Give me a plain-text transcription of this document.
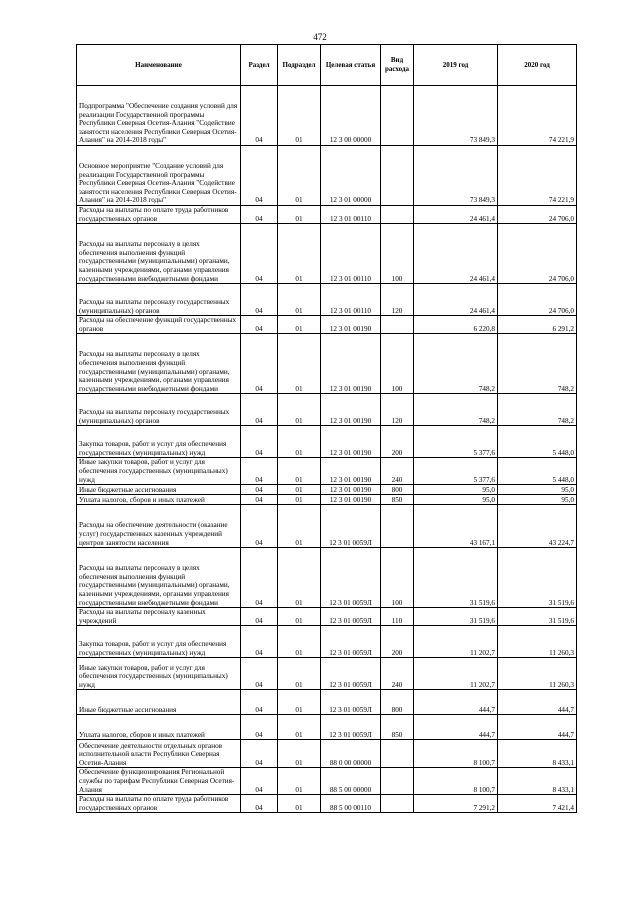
472
Наименование	Раздел	Подраздел	Целевая статья	Вид расхода	2019 год	2020 год
Подпрограмма "Обеспечение создания условий для реализации Государственной программы Республики Северная Осетия-Алания "Содействие занятости населения Республики Северная Осетия-Алания" на 2014-2018 годы"	04	01	12 3 00 00000		73 849,3	74 221,9
Основное мероприятие "Создание условий для реализации Государственной программы Республики Северная Осетия-Алания "Содействие занятости населения Республики Северная Осетия-Алания" на 2014-2018 годы"	04	01	12 3 01 00000		73 849,3	74 221,9
Расходы на выплаты по оплате труда работников государственных органов	04	01	12 3 01 00110		24 461,4	24 706,0
Расходы на выплаты персоналу в целях обеспечения выполнения функций государственными (муниципальными) органами, казенными учреждениями, органами управления государственными внебюджетными фондами	04	01	12 3 01 00110	100	24 461,4	24 706,0
Расходы на выплаты персоналу государственных (муниципальных) органов	04	01	12 3 01 00110	120	24 461,4	24 706,0
Расходы на обеспечение функций государственных органов	04	01	12 3 01 00190		6 220,8	6 291,2
Расходы на выплаты персоналу в целях обеспечения выполнения функций государственными (муниципальными) органами, казенными учреждениями, органами управления государственными внебюджетными фондами	04	01	12 3 01 00190	100	748,2	748,2
Расходы на выплаты персоналу государственных (муниципальных) органов	04	01	12 3 01 00190	120	748,2	748,2
Закупка товаров, работ и услуг для обеспечения государственных (муниципальных) нужд	04	01	12 3 01 00190	200	5 377,6	5 448,0
Иные закупки товаров, работ и услуг для обеспечения государственных (муниципальных) нужд	04	01	12 3 01 00190	240	5 377,6	5 448,0
Иные бюджетные ассигнования	04	01	12 3 01 00190	800	95,0	95,0
Уплата налогов, сборов и иных платежей	04	01	12 3 01 00190	850	95,0	95,0
Расходы на обеспечение деятельности (оказание услуг) государственных казенных учреждений центров занятости населения	04	01	12 3 01 0059Л		43 167,1	43 224,7
Расходы на выплаты персоналу в целях обеспечения выполнения функций государственными (муниципальными) органами, казенными учреждениями, органами управления государственными внебюджетными фондами	04	01	12 3 01 0059Л	100	31 519,6	31 519,6
Расходы на выплаты персоналу казенных учреждений	04	01	12 3 01 0059Л	110	31 519,6	31 519,6
Закупка товаров, работ и услуг для обеспечения государственных (муниципальных) нужд	04	01	12 3 01 0059Л	200	11 202,7	11 260,3
Иные закупки товаров, работ и услуг для обеспечения государственных (муниципальных) нужд	04	01	12 3 01 0059Л	240	11 202,7	11 260,3
Иные бюджетные ассигнования	04	01	12 3 01 0059Л	800	444,7	444,7
Уплата налогов, сборов и иных платежей	04	01	12 3 01 0059Л	850	444,7	444,7
Обеспечение деятельности отдельных органов исполнительной власти Республики Северная Осетия-Алания	04	01	88 0 00 00000		8 100,7	8 433,1
Обеспечение функционирования Региональной службы по тарифам Республики Северная Осетия-Алания	04	01	88 5 00 00000		8 100,7	8 433,1
Расходы на выплаты по оплате труда работников государственных органов	04	01	88 5 00 00110		7 291,2	7 421,4
